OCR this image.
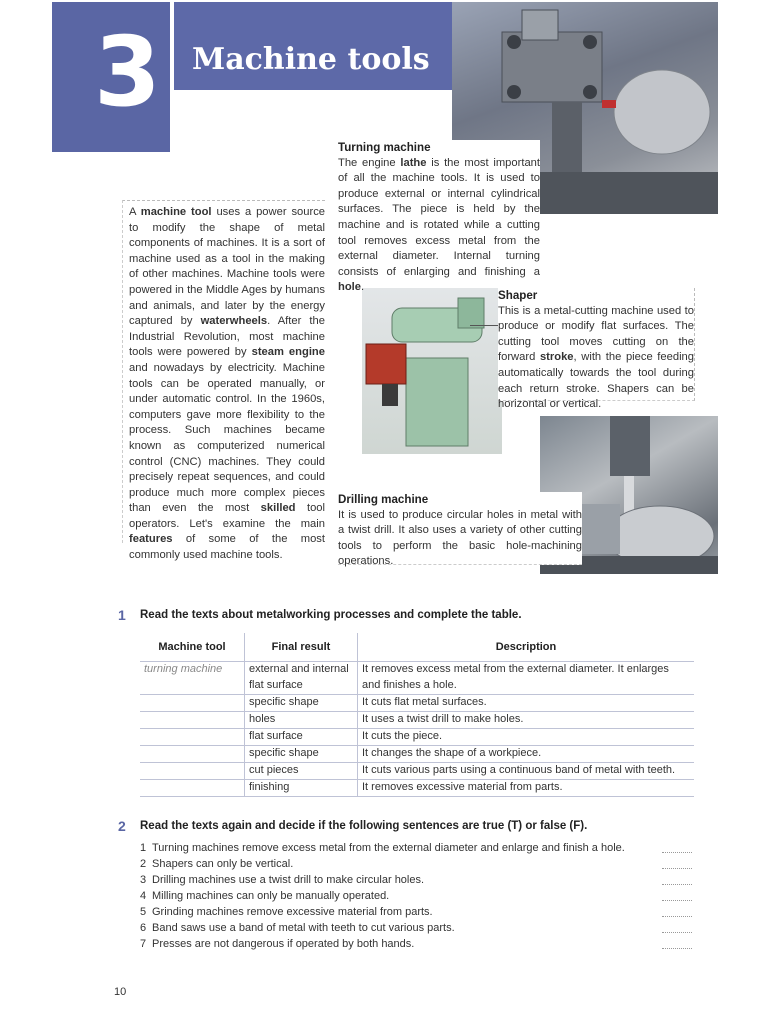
3 Machine tools

A machine tool uses a power source to modify the shape of metal components of machines. It is a sort of machine used as a tool in the making of other machines. Machine tools were powered in the Middle Ages by humans and animals, and later by the energy captured by waterwheels. After the Industrial Revolution, most machine tools were powered by steam engine and nowadays by electricity. Machine tools can be operated manually, or under automatic control. In the 1960s, computers gave more flexibility to the process. Such machines became known as computerized numerical control (CNC) machines. They could precisely repeat sequences, and could produce much more complex pieces than even the most skilled tool operators. Let's examine the main features of some of the most commonly used machine tools.

Turning machine
The engine lathe is the most important of all the machine tools. It is used to produce external or internal cylindrical surfaces. The piece is held by the machine and is rotated while a cutting tool removes excess metal from the external diameter. Internal turning consists of enlarging and finishing a hole.
Shaper
This is a metal-cutting machine used to produce or modify flat surfaces. The cutting tool moves cutting on the forward stroke, with the piece feeding automatically towards the tool during each return stroke. Shapers can be horizontal or vertical.
Drilling machine
It is used to produce circular holes in metal with a twist drill. It also uses a variety of other cutting tools to perform the basic hole-machining operations.
1 Read the texts about metalworking processes and complete the table.
Machine tool	Final result	Description
turning machine	external and internal flat surface	It removes excess metal from the external diameter. It enlarges and finishes a hole.
	specific shape	It cuts flat metal surfaces.
	holes	It uses a twist drill to make holes.
	flat surface	It cuts the piece.
	specific shape	It changes the shape of a workpiece.
	cut pieces	It cuts various parts using a continuous band of metal with teeth.
	finishing	It removes excessive material from parts.
2 Read the texts again and decide if the following sentences are true (T) or false (F).
1 Turning machines remove excess metal from the external diameter and enlarge and finish a hole.
2 Shapers can only be vertical.
3 Drilling machines use a twist drill to make circular holes.
4 Milling machines can only be manually operated.
5 Grinding machines remove excessive material from parts.
6 Band saws use a band of metal with teeth to cut various parts.
7 Presses are not dangerous if operated by both hands.
10
